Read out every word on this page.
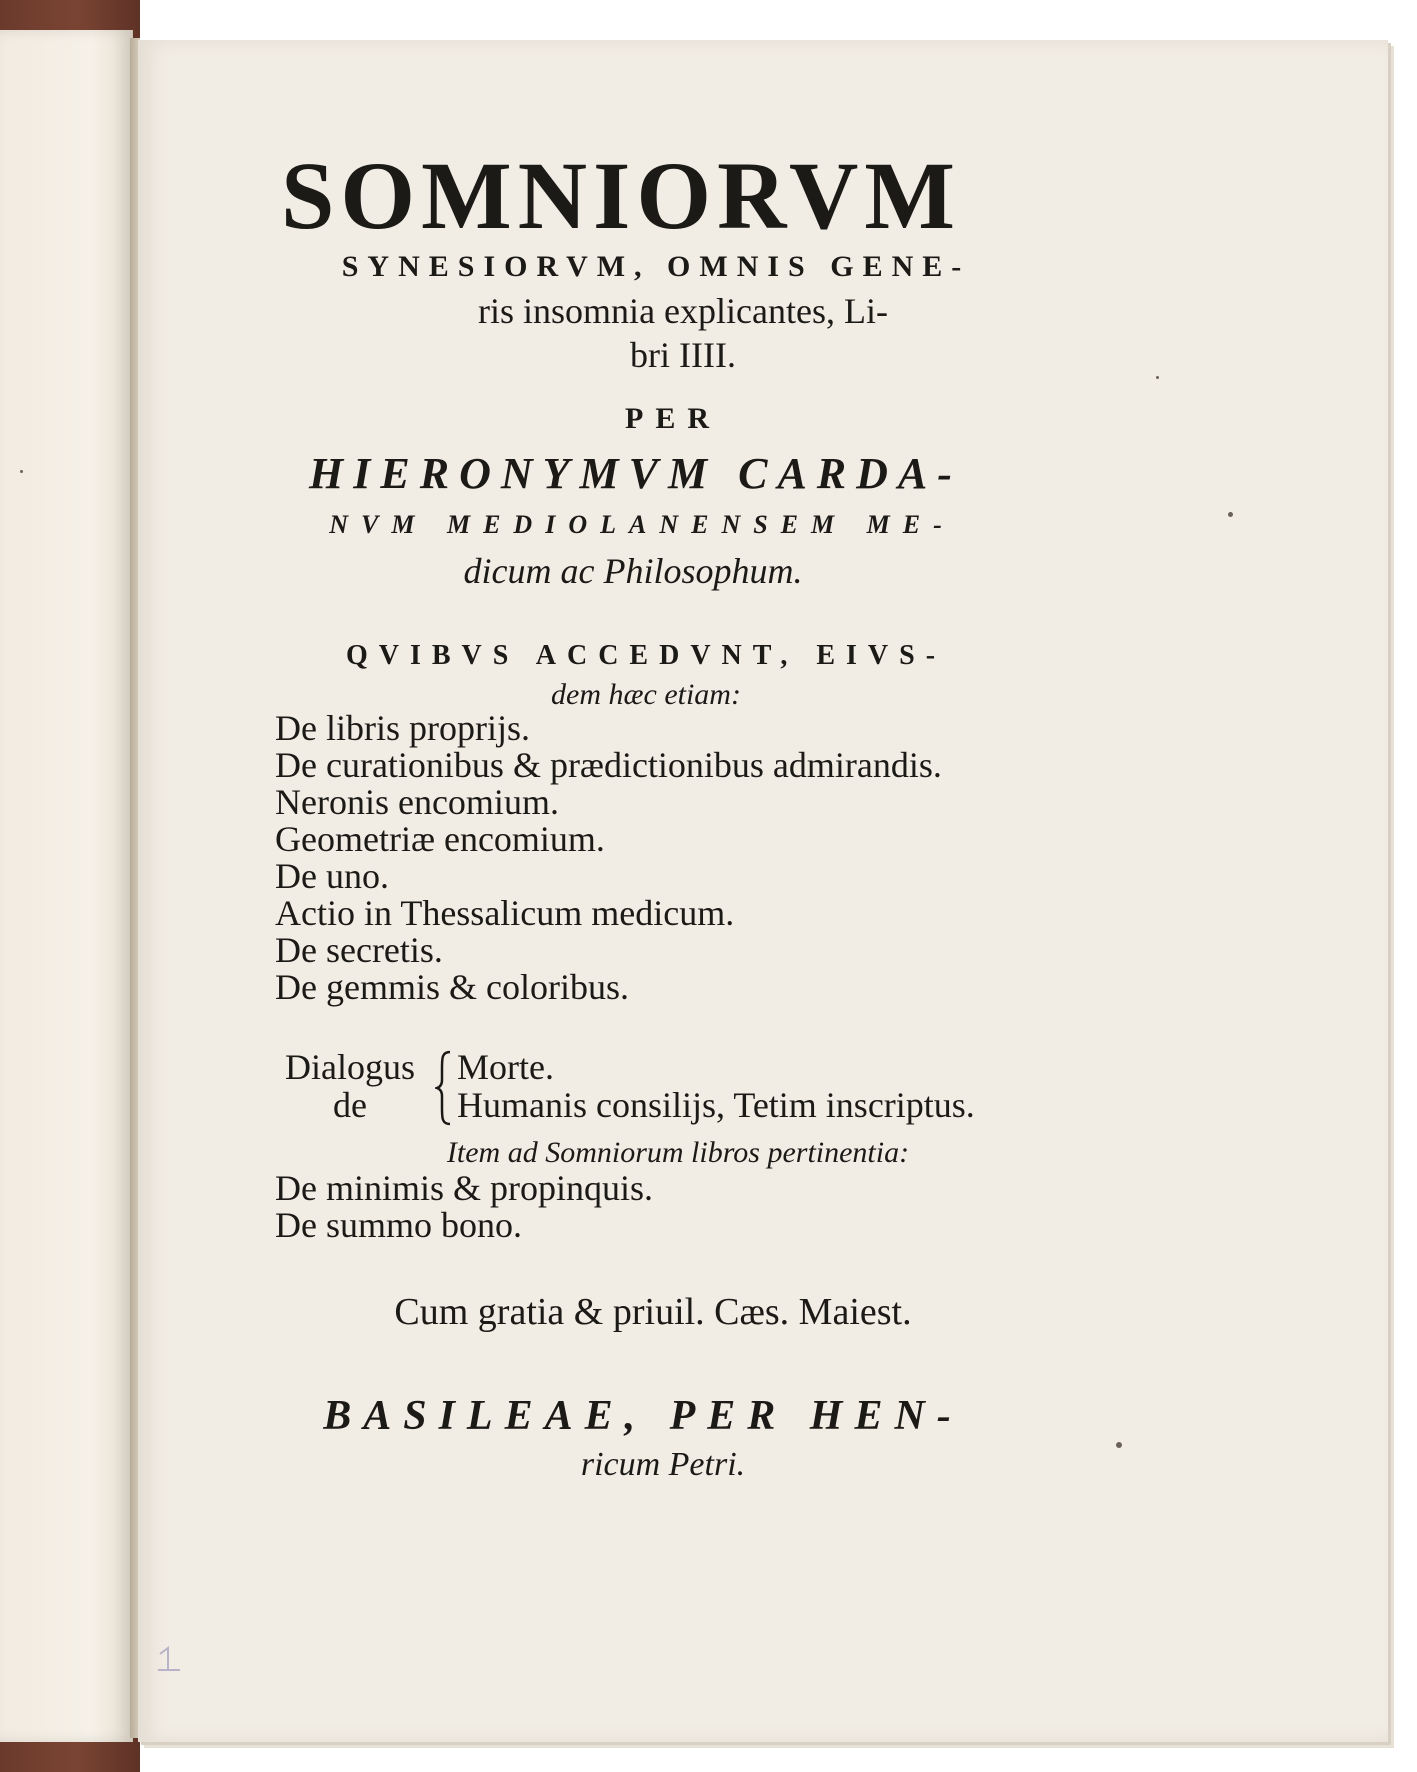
SOMNIORVM
SYNESIORVM, OMNIS GENE-
ris insomnia explicantes, Li-
bri IIII.
PER
HIERONYMVM CARDA-
NVM MEDIOLANENSEM ME-
dicum ac Philosophum.
QVIBVS ACCEDVNT, EIVS-
dem hæc etiam:
De libris proprijs.
De curationibus & prædictionibus admirandis.
Neronis encomium.
Geometriæ encomium.
De uno.
Actio in Thessalicum medicum.
De secretis.
De gemmis & coloribus.
Dialogus
de
Morte.
Humanis consilijs, Tetim inscriptus.
Item ad Somniorum libros pertinentia:
De minimis & propinquis.
De summo bono.
Cum gratia & priuil. Cæs. Maiest.
BASILEAE, PER HEN-
ricum Petri.
